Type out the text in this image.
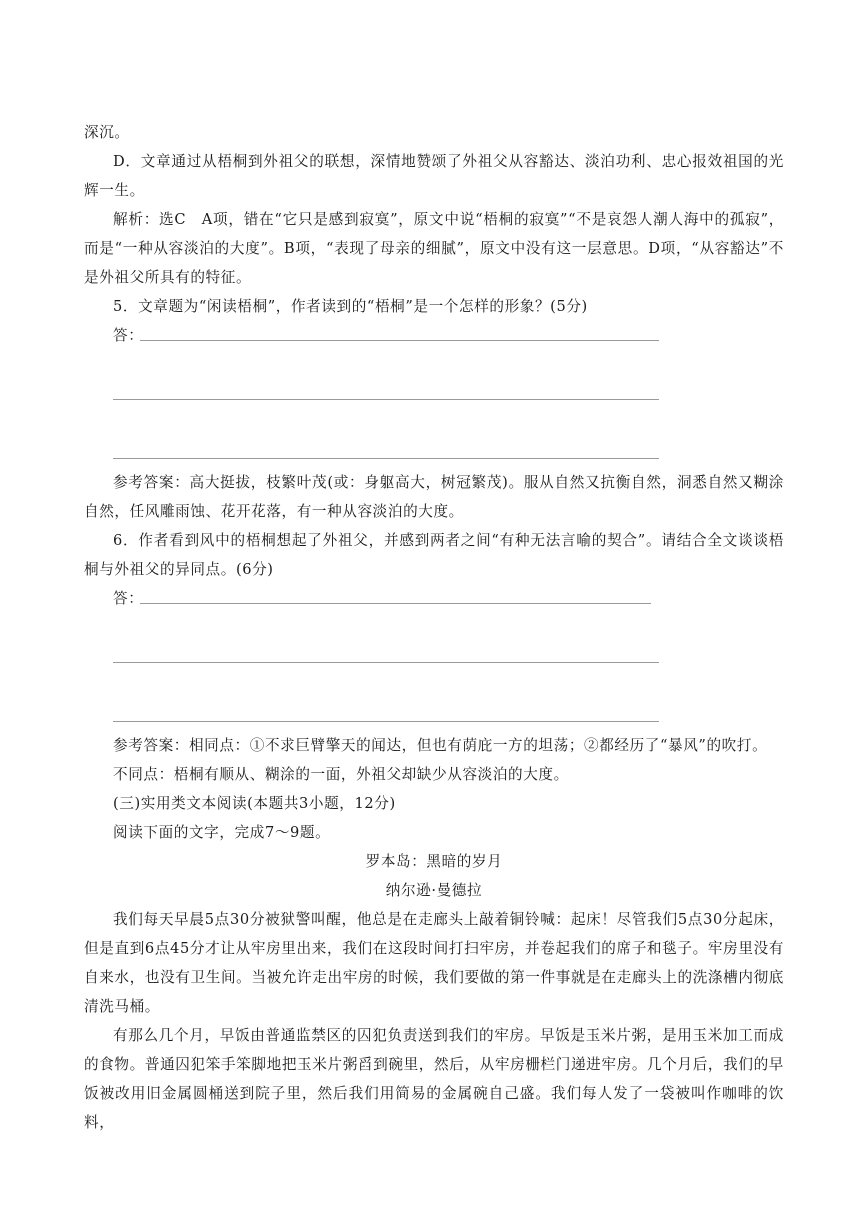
深沉。

D．文章通过从梧桐到外祖父的联想，深情地赞颂了外祖父从容豁达、淡泊功利、忠心报效祖国的光辉一生。

解析：选C　A项，错在“它只是感到寂寞”，原文中说“梧桐的寂寞”“不是哀怨人潮人海中的孤寂”，而是“一种从容淡泊的大度”。B项，“表现了母亲的细腻”，原文中没有这一层意思。D项，“从容豁达”不是外祖父所具有的特征。

5．文章题为“闲读梧桐”，作者读到的“梧桐”是一个怎样的形象？(5分)

答：

参考答案：高大挺拔，枝繁叶茂(或：身躯高大，树冠繁茂)。服从自然又抗衡自然，洞悉自然又糊涂自然，任风雕雨蚀、花开花落，有一种从容淡泊的大度。

6．作者看到风中的梧桐想起了外祖父，并感到两者之间“有种无法言喻的契合”。请结合全文谈谈梧桐与外祖父的异同点。(6分)

答：

参考答案：相同点：①不求巨臂擎天的闻达，但也有荫庇一方的坦荡；②都经历了“暴风”的吹打。

不同点：梧桐有顺从、糊涂的一面，外祖父却缺少从容淡泊的大度。

(三)实用类文本阅读(本题共3小题，12分)

阅读下面的文字，完成7～9题。

罗本岛：黑暗的岁月

纳尔逊·曼德拉

我们每天早晨5点30分被狱警叫醒，他总是在走廊头上敲着铜铃喊：起床！尽管我们5点30分起床，但是直到6点45分才让从牢房里出来，我们在这段时间打扫牢房，并卷起我们的席子和毯子。牢房里没有自来水，也没有卫生间。当被允许走出牢房的时候，我们要做的第一件事就是在走廊头上的洗涤槽内彻底清洗马桶。

有那么几个月，早饭由普通监禁区的囚犯负责送到我们的牢房。早饭是玉米片粥，是用玉米加工而成的食物。普通囚犯笨手笨脚地把玉米片粥舀到碗里，然后，从牢房栅栏门递进牢房。几个月后，我们的早饭被改用旧金属圆桶送到院子里，然后我们用简易的金属碗自己盛。我们每人发了一袋被叫作咖啡的饮料，
